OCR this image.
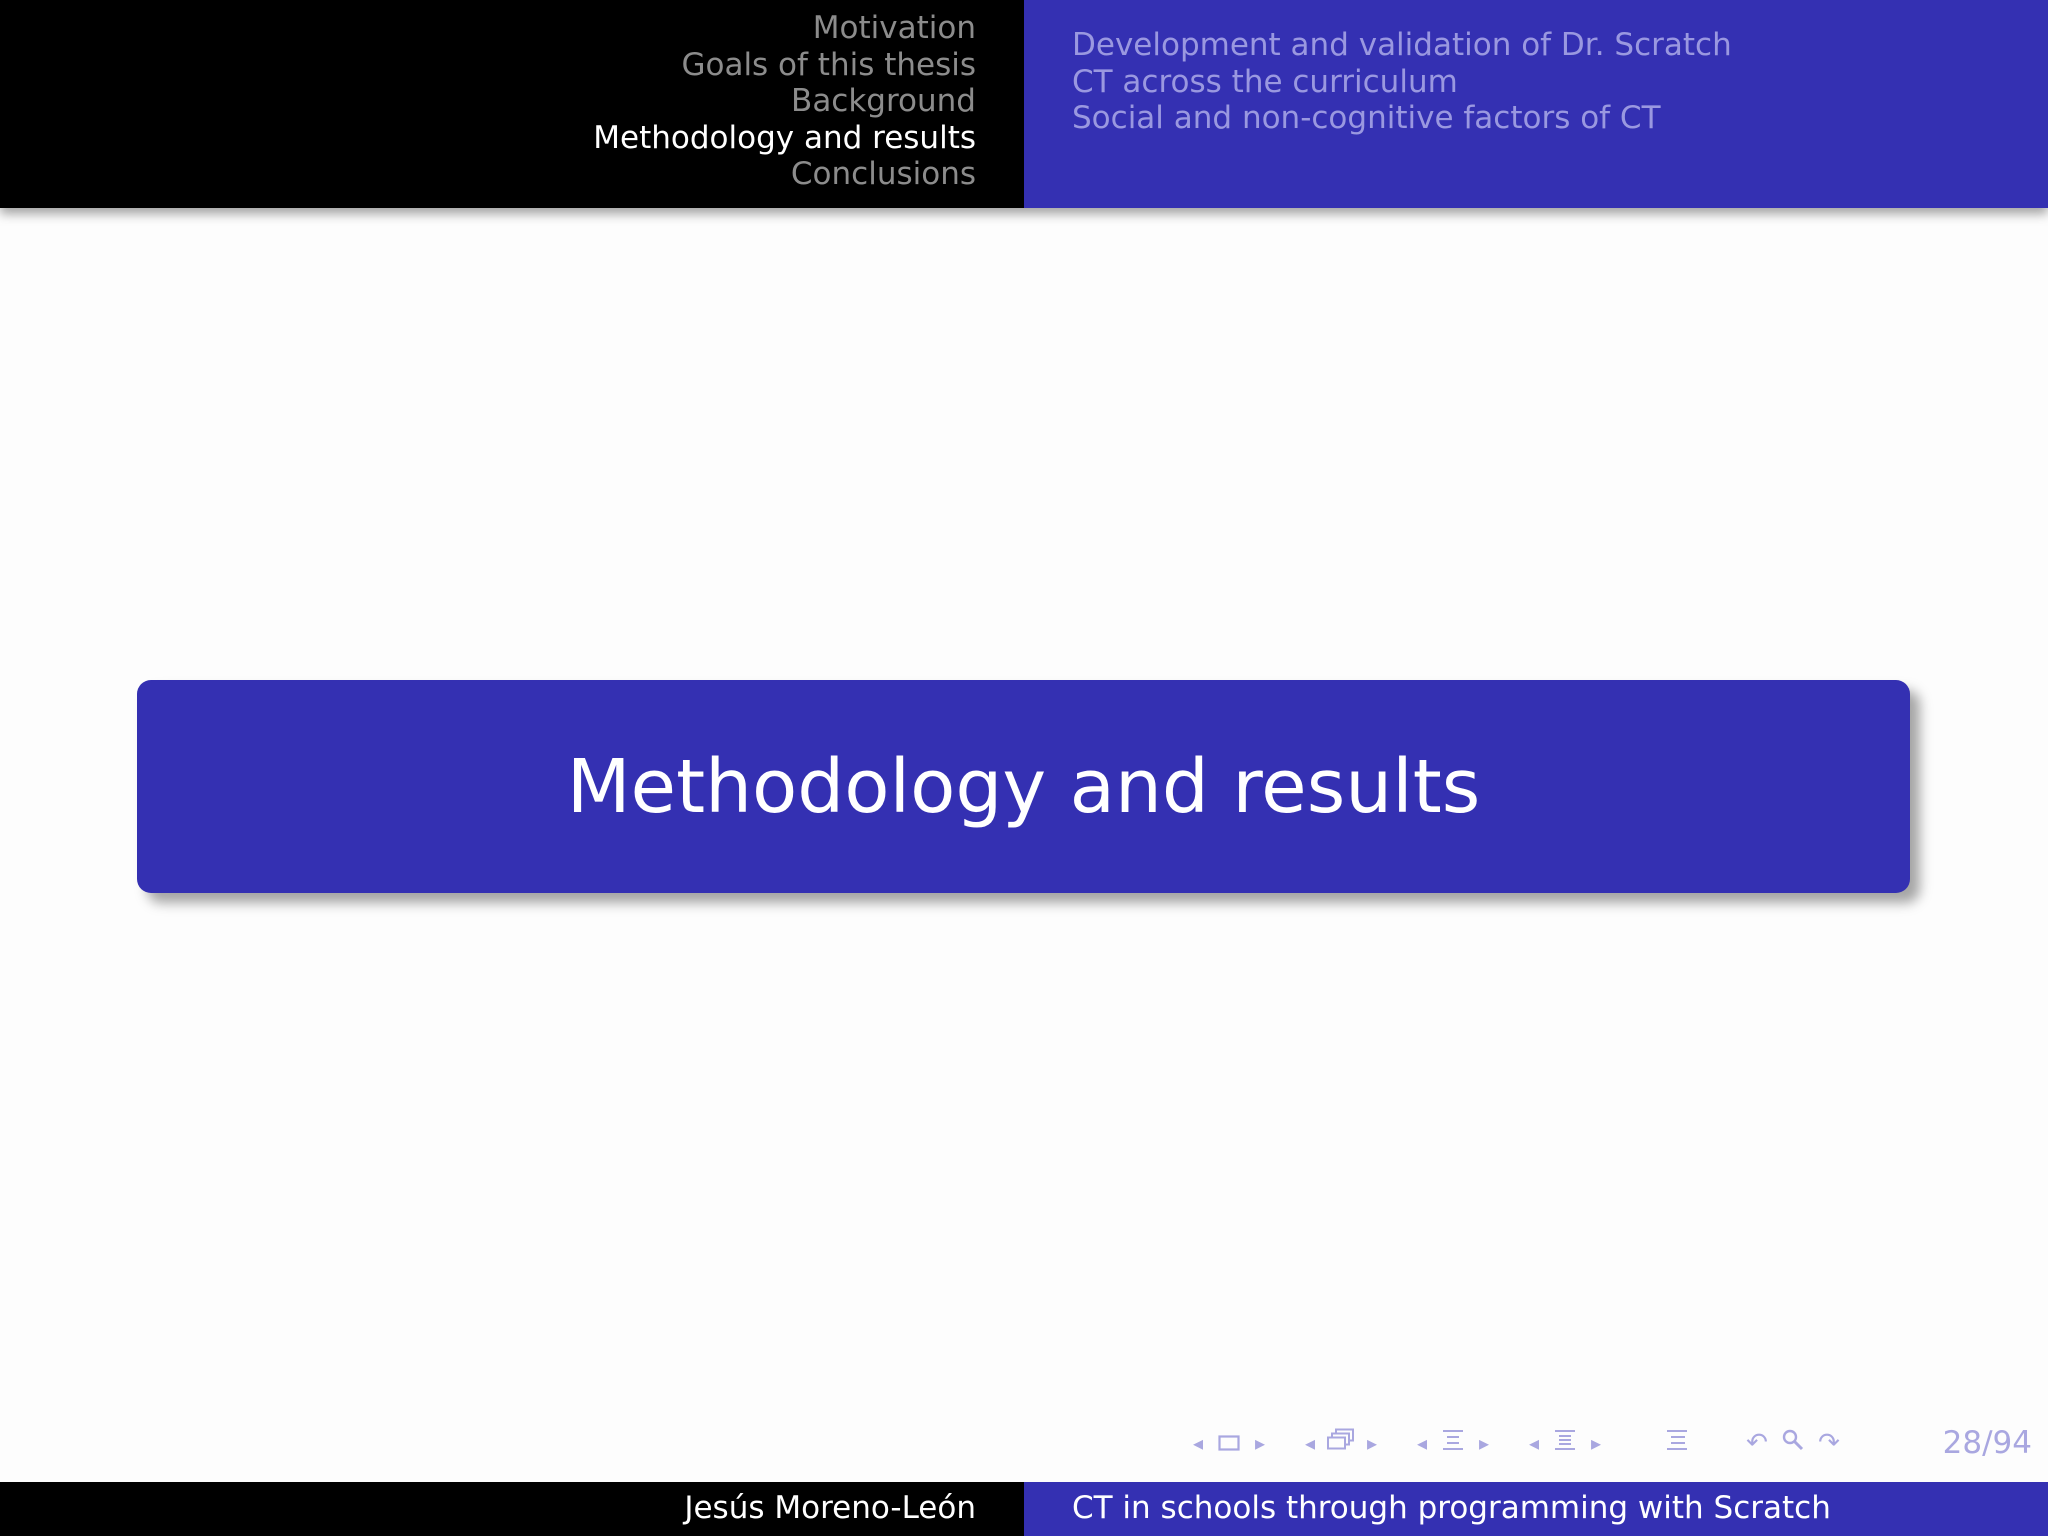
Motivation
Goals of this thesis
Background
Methodology and results
Conclusions
Development and validation of Dr. Scratch
CT across the curriculum
Social and non-cognitive factors of CT
Methodology and results
◂	▸	◂	▸	◂	▸	◂	▸	↶ ↷	28/94
Jesús Moreno-León	CT in schools through programming with Scratch
